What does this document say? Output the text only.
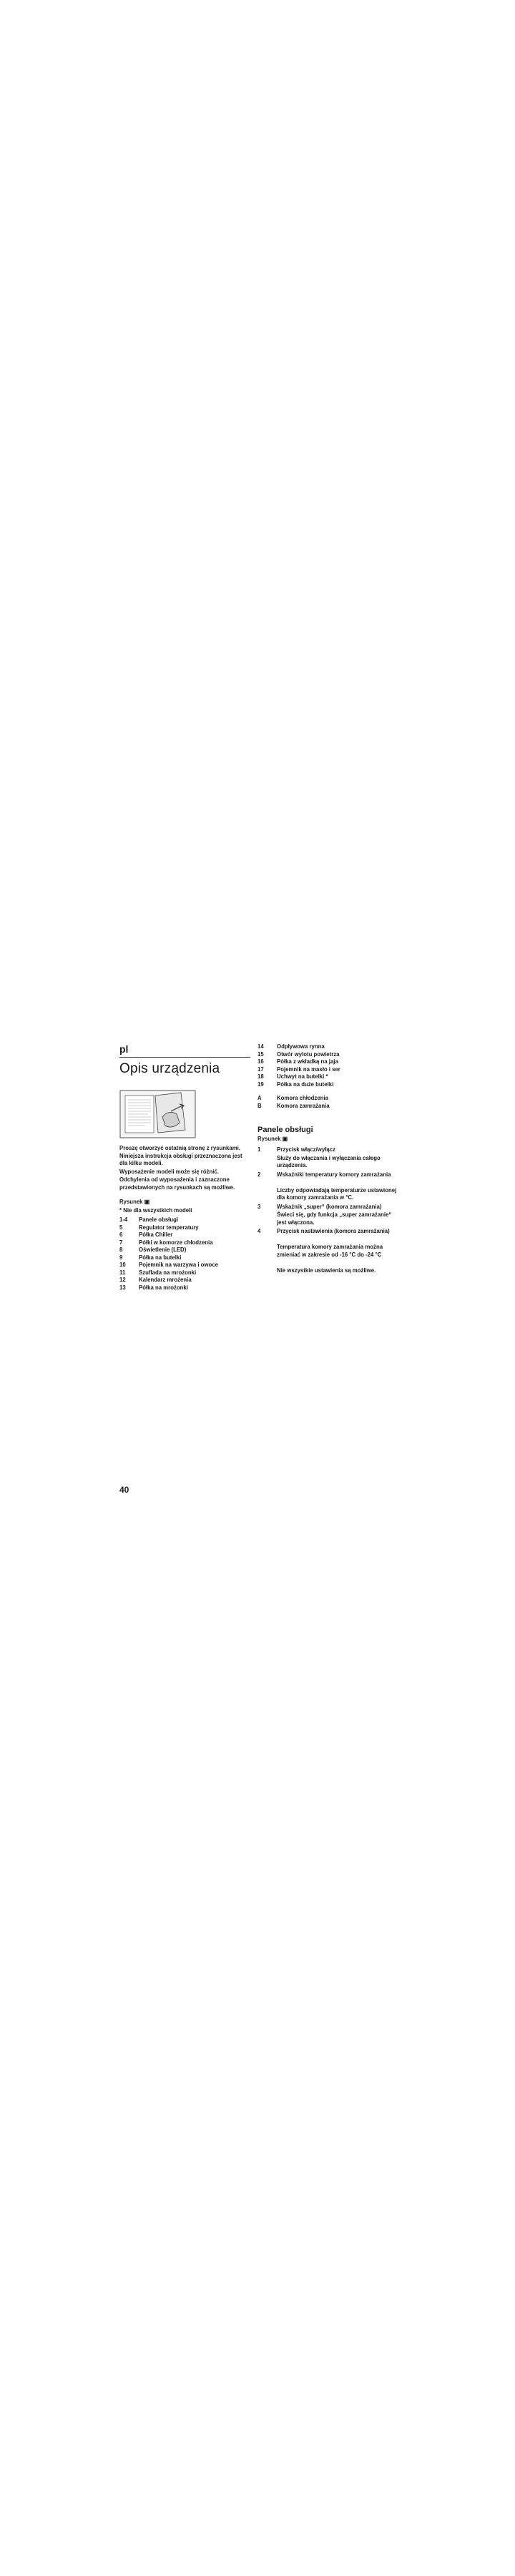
pl
Opis urządzenia
Proszę otworzyć ostatnią stronę z rysunkami. Niniejsza instrukcja obsługi przeznaczona jest dla kilku modeli.
Wyposażenie modeli może się różnić.
Odchylenia od wyposażenia i zaznaczone przedstawionych na rysunkach są możliwe.
Rysunek ▣
* Nie dla wszystkich modeli
1-4 Panele obsługi
5	Regulator temperatury
6	Półka Chiller
7	Półki w komorze chłodzenia
8	Oświetlenie (LED)
9	Półka na butelki
10 Pojemnik na warzywa i owoce
11 Szuflada na mrożonki
12 Kalendarz mrożenia
13 Półka na mrożonki
14 Odpływowa rynna
15 Otwór wylotu powietrza
16 Półka z wkładką na jaja
17 Pojemnik na masło i ser
18 Uchwyt na butelki *
19 Półka na duże butelki
A	Komora chłodzenia
B	Komora zamrażania
Panele obsługi
Rysunek ▣
1	Przycisk włącz/wyłącz
Służy do włączania i wyłączania całego urządzenia.
2	Wskaźniki temperatury komory zamrażania
Liczby odpowiadają temperaturze ustawionej dla komory zamrażania w °C.
3	Wskaźnik „super“ (komora zamrażania)
Świeci się, gdy funkcja „super zamrażanie“ jest włączona.
4	Przycisk nastawienia (komora zamrażania)
Temperatura komory zamrażania można zmieniać w zakresie od -16 °C do -24 °C
Nie wszystkie ustawienia są możliwe.
40
